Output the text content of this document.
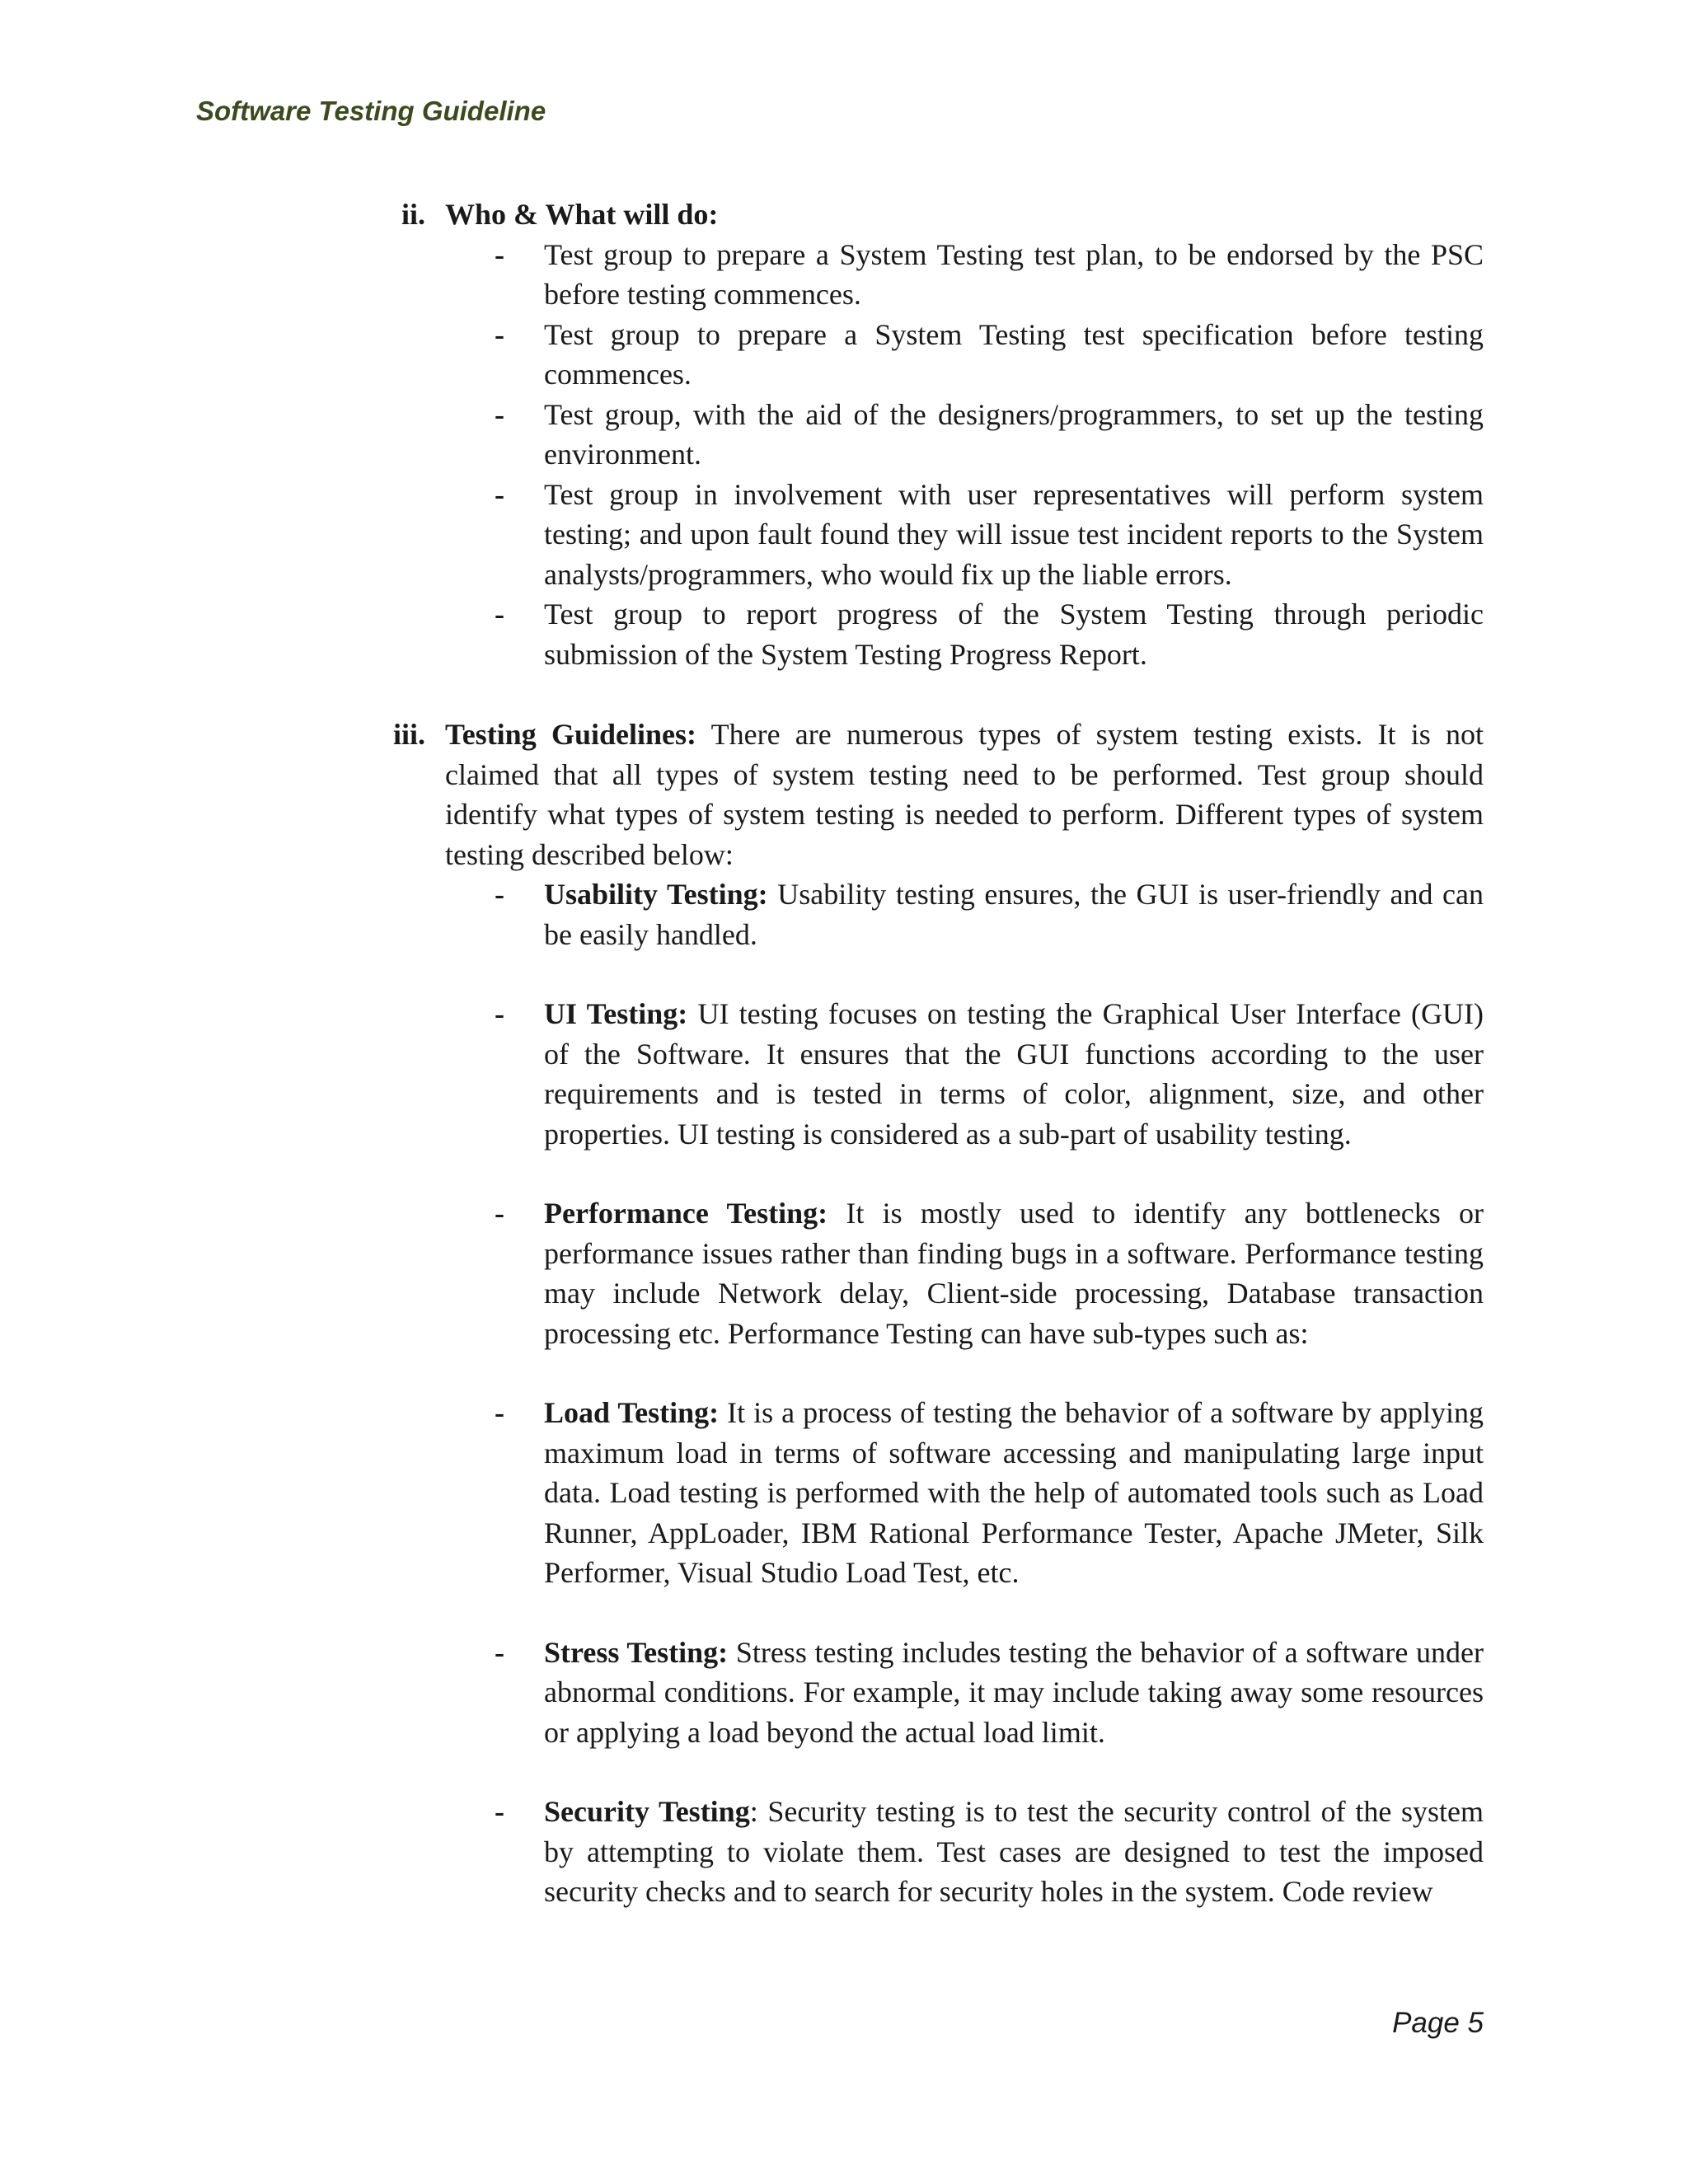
Software Testing Guideline
ii. Who & What will do:
- Test group to prepare a System Testing test plan, to be endorsed by the PSC before testing commences.
- Test group to prepare a System Testing test specification before testing commences.
- Test group, with the aid of the designers/programmers, to set up the testing environment.
- Test group in involvement with user representatives will perform system testing; and upon fault found they will issue test incident reports to the System analysts/programmers, who would fix up the liable errors.
- Test group to report progress of the System Testing through periodic submission of the System Testing Progress Report.
iii. Testing Guidelines: There are numerous types of system testing exists. It is not claimed that all types of system testing need to be performed. Test group should identify what types of system testing is needed to perform. Different types of system testing described below:

- Usability Testing: Usability testing ensures, the GUI is user-friendly and can be easily handled.
- UI Testing: UI testing focuses on testing the Graphical User Interface (GUI) of the Software. It ensures that the GUI functions according to the user requirements and is tested in terms of color, alignment, size, and other properties. UI testing is considered as a sub-part of usability testing.
- Performance Testing: It is mostly used to identify any bottlenecks or performance issues rather than finding bugs in a software. Performance testing may include Network delay, Client-side processing, Database transaction processing etc. Performance Testing can have sub-types such as:
- Load Testing: It is a process of testing the behavior of a software by applying maximum load in terms of software accessing and manipulating large input data. Load testing is performed with the help of automated tools such as Load Runner, AppLoader, IBM Rational Performance Tester, Apache JMeter, Silk Performer, Visual Studio Load Test, etc.
- Stress Testing: Stress testing includes testing the behavior of a software under abnormal conditions. For example, it may include taking away some resources or applying a load beyond the actual load limit.
- Security Testing: Security testing is to test the security control of the system by attempting to violate them. Test cases are designed to test the imposed security checks and to search for security holes in the system. Code review
Page 5
